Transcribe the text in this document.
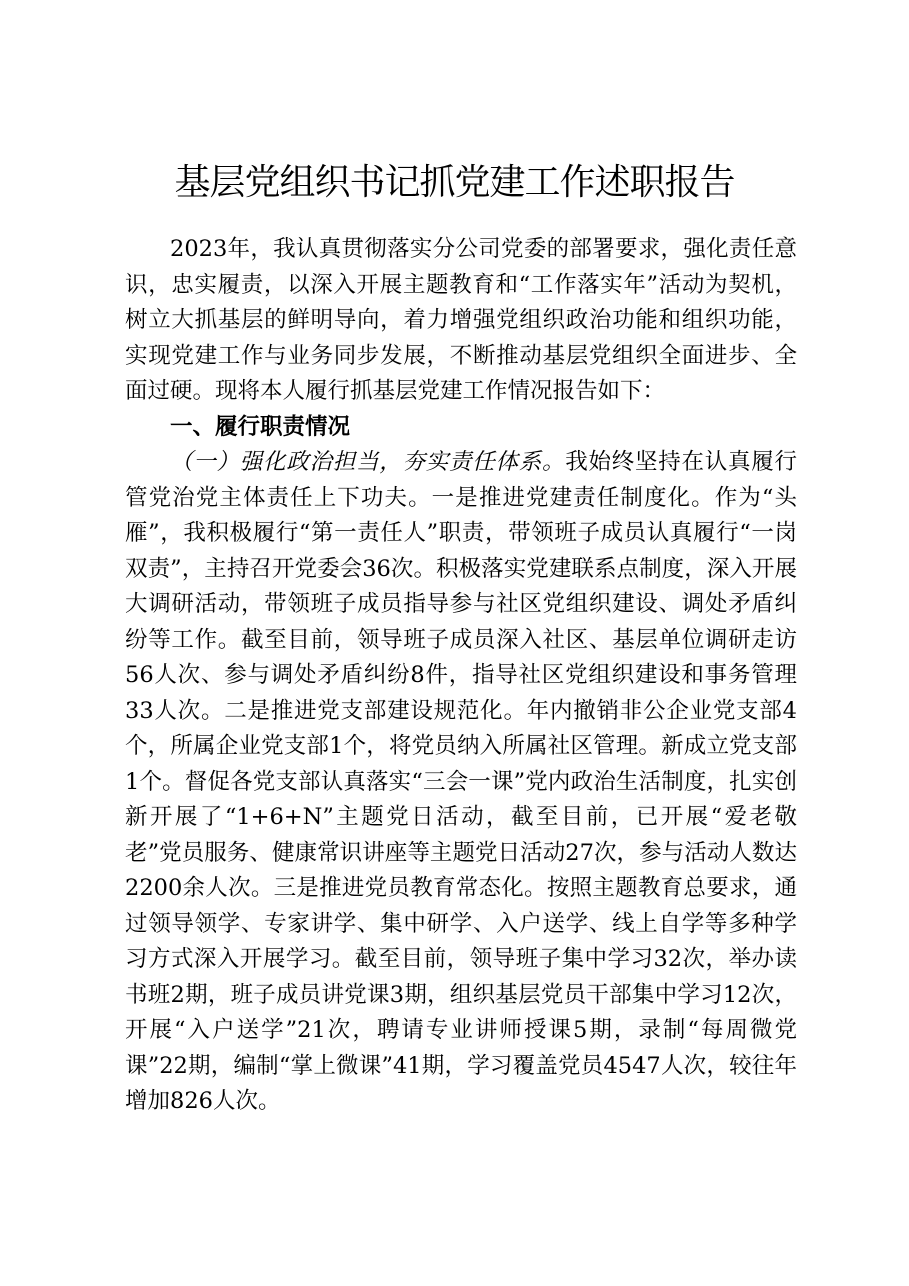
基层党组织书记抓党建工作述职报告

2023年，我认真贯彻落实分公司党委的部署要求，强化责任意识，忠实履责，以深入开展主题教育和“工作落实年”活动为契机，树立大抓基层的鲜明导向，着力增强党组织政治功能和组织功能，实现党建工作与业务同步发展，不断推动基层党组织全面进步、全面过硬。现将本人履行抓基层党建工作情况报告如下：

一、履行职责情况

（一）强化政治担当，夯实责任体系。我始终坚持在认真履行管党治党主体责任上下功夫。一是推进党建责任制度化。作为“头雁”，我积极履行“第一责任人”职责，带领班子成员认真履行“一岗双责”，主持召开党委会36次。积极落实党建联系点制度，深入开展大调研活动，带领班子成员指导参与社区党组织建设、调处矛盾纠纷等工作。截至目前，领导班子成员深入社区、基层单位调研走访56人次、参与调处矛盾纠纷8件，指导社区党组织建设和事务管理33人次。二是推进党支部建设规范化。年内撤销非公企业党支部4个，所属企业党支部1个，将党员纳入所属社区管理。新成立党支部1个。督促各党支部认真落实“三会一课”党内政治生活制度，扎实创新开展了“1+6+N”主题党日活动，截至目前，已开展“爱老敬老”党员服务、健康常识讲座等主题党日活动27次，参与活动人数达2200余人次。三是推进党员教育常态化。按照主题教育总要求，通过领导领学、专家讲学、集中研学、入户送学、线上自学等多种学习方式深入开展学习。截至目前，领导班子集中学习32次，举办读书班2期，班子成员讲党课3期，组织基层党员干部集中学习12次，开展“入户送学”21次，聘请专业讲师授课5期，录制“每周微党课”22期，编制“掌上微课”41期，学习覆盖党员4547人次，较往年增加826人次。
